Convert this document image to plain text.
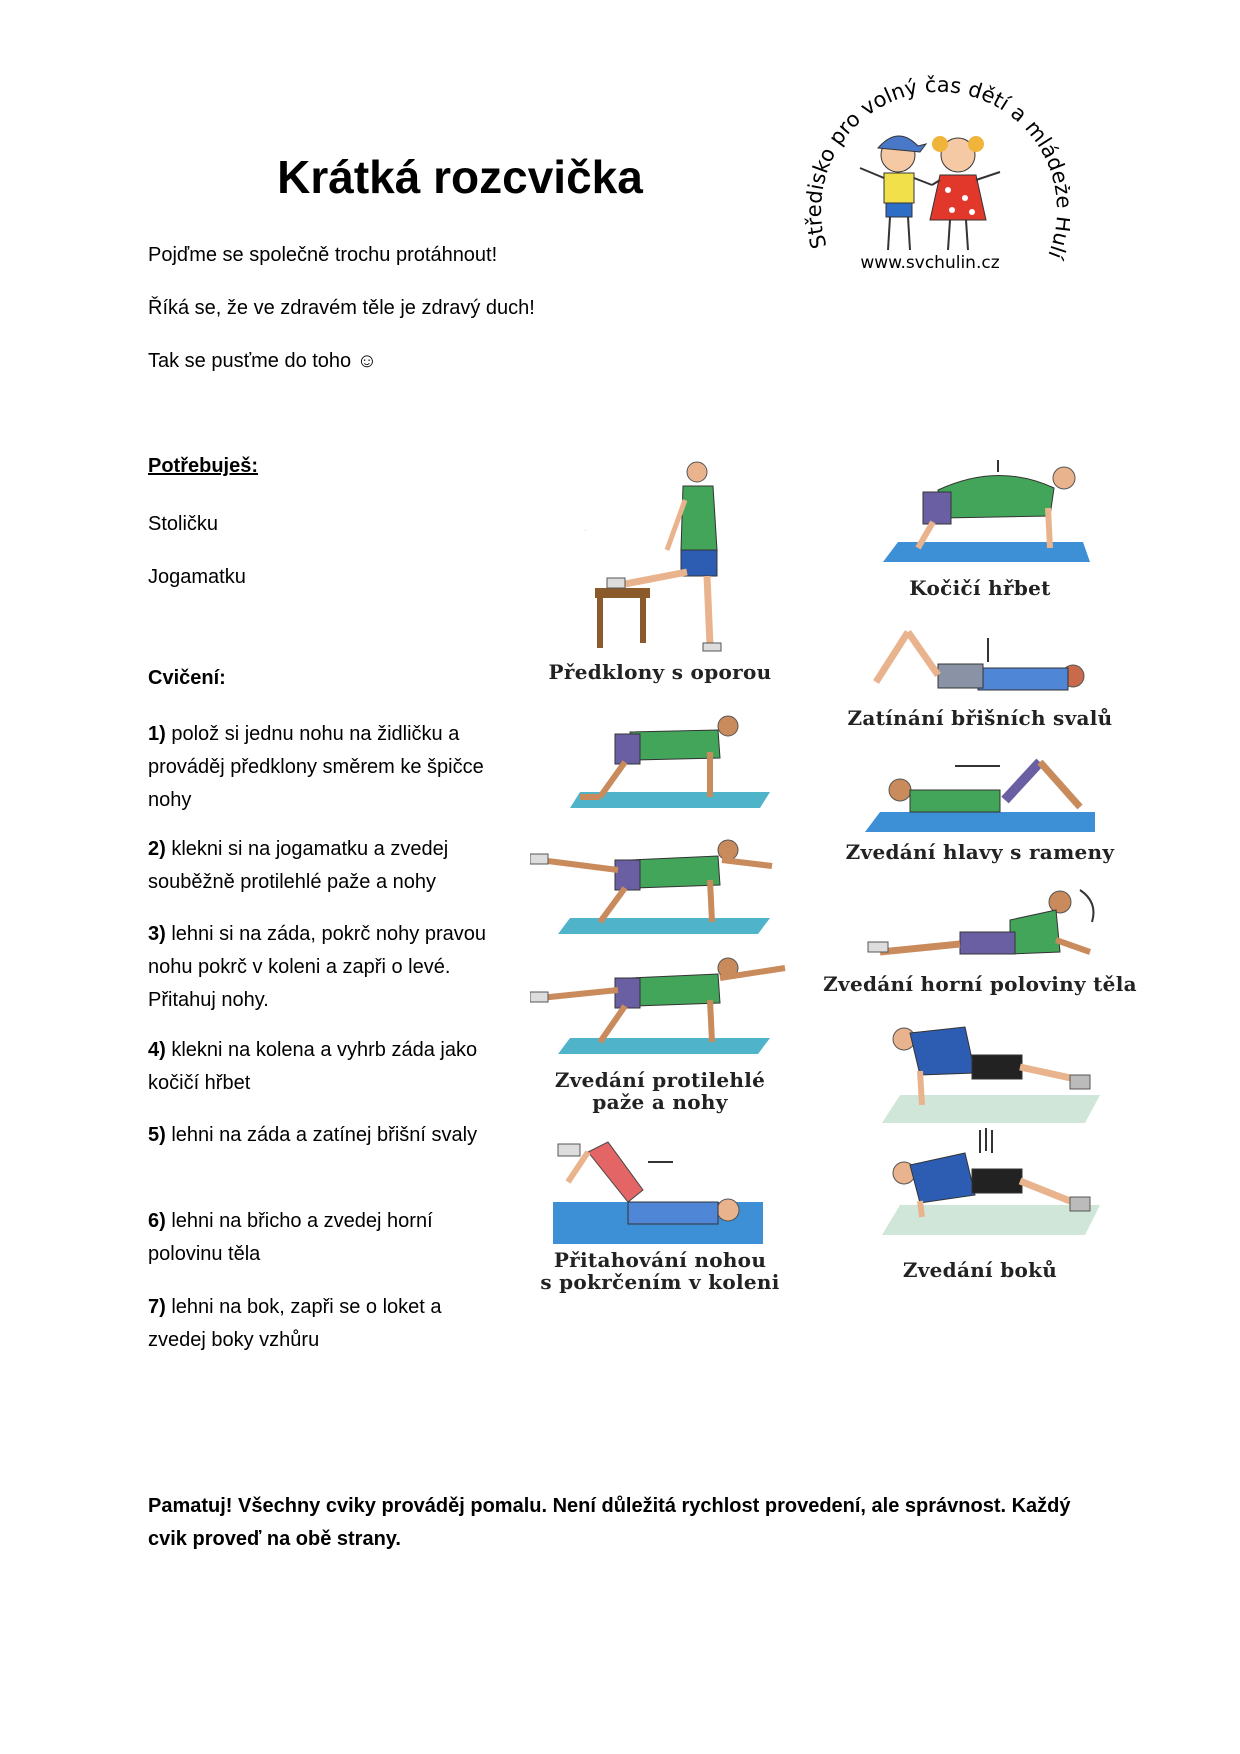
Krátká rozcvička
Středisko pro volný čas dětí a mlád lí
www.svchulin.cz
Pojďme se společně trochu protáhnout!
Říká se, že ve zdravém těle je zdravý duch!
Tak se pusťme do toho ☺
Potřebuješ:
Stoličku
Jogamatku
Cvičení:
1) polož si jednu nohu na židličku a prováděj předklony směrem ke špičce nohy
2) klekni si na jogamatku a zvedej souběžně protilehlé paže a nohy
3) lehni si na záda, pokrč nohy pravou nohu pokrč v koleni a zapři o levé. Přitahuj nohy.
4) klekni na kolena a vyhrb záda jako kočičí hřbet
5) lehni na záda a zatínej břišní svaly
6) lehni na břicho a zvedej horní polovinu těla
7) lehni na bok, zapři se o loket a zvedej boky vzhůru
Předklony s oporou
Zvedání protilehlé
paže a nohy
Přitahování nohou
s pokrčením v koleni
Kočičí hřbet
Zatínání břišních svalů
Zvedání hlavy s rameny
Zvedání horní poloviny těla
Zvedání boků
Pamatuj! Všechny cviky prováděj pomalu. Není důležitá rychlost provedení, ale správnost. Každý cvik proveď na obě strany.
